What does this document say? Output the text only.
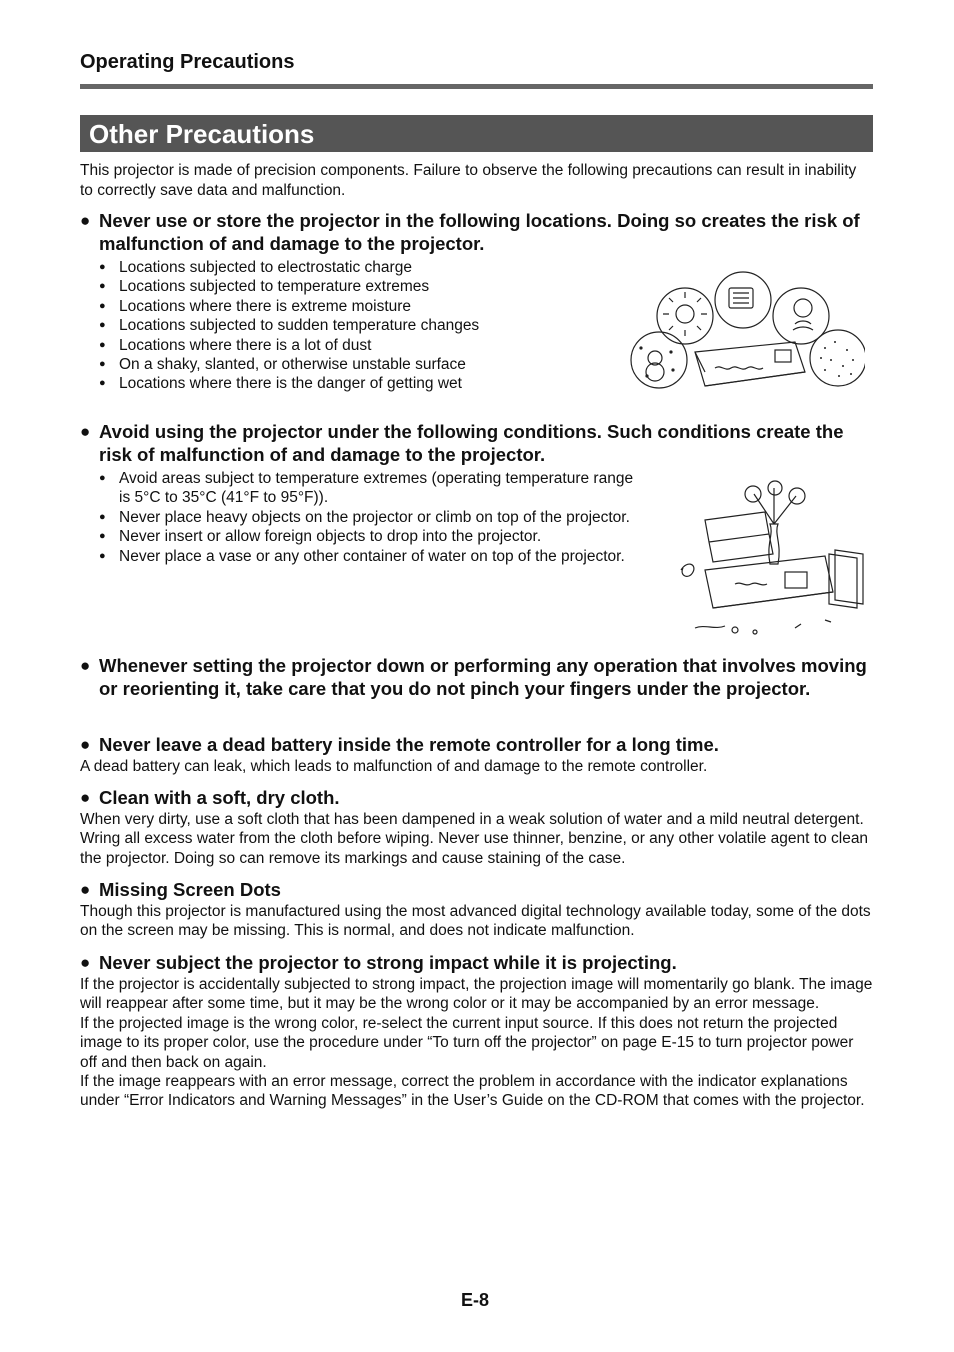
Operating Precautions
Other Precautions
This projector is made of precision components. Failure to observe the following precautions can result in inability to correctly save data and malfunction.
● Never use or store the projector in the following locations. Doing so creates the risk of malfunction of and damage to the projector.
● Locations subjected to electrostatic charge
● Locations subjected to temperature extremes
● Locations where there is extreme moisture
● Locations subjected to sudden temperature changes
● Locations where there is a lot of dust
● On a shaky, slanted, or otherwise unstable surface
● Locations where there is the danger of getting wet
● Avoid using the projector under the following conditions. Such conditions create the risk of malfunction of and damage to the projector.
● Avoid areas subject to temperature extremes (operating temperature range is 5°C to 35°C (41°F to 95°F)).
● Never place heavy objects on the projector or climb on top of the projector.
● Never insert or allow foreign objects to drop into the projector.
● Never place a vase or any other container of water on top of the projector.
● Whenever setting the projector down or performing any operation that involves moving or reorienting it, take care that you do not pinch your fingers under the projector.
● Never leave a dead battery inside the remote controller for a long time.
A dead battery can leak, which leads to malfunction of and damage to the remote controller.
● Clean with a soft, dry cloth.
When very dirty, use a soft cloth that has been dampened in a weak solution of water and a mild neutral detergent. Wring all excess water from the cloth before wiping. Never use thinner, benzine, or any other volatile agent to clean the projector. Doing so can remove its markings and cause staining of the case.
● Missing Screen Dots
Though this projector is manufactured using the most advanced digital technology available today, some of the dots on the screen may be missing. This is normal, and does not indicate malfunction.
● Never subject the projector to strong impact while it is projecting.

If the projector is accidentally subjected to strong impact, the projection image will momentarily go blank. The image will reappear after some time, but it may be the wrong color or it may be accompanied by an error message.

If the projected image is the wrong color, re-select the current input source. If this does not return the projected image to its proper color, use the procedure under “To turn off the projector” on page E-15 to turn projector power off and then back on again.

If the image reappears with an error message, correct the problem in accordance with the indicator explanations under “Error Indicators and Warning Messages” in the User’s Guide on the CD-ROM that comes with the projector.

E-8
